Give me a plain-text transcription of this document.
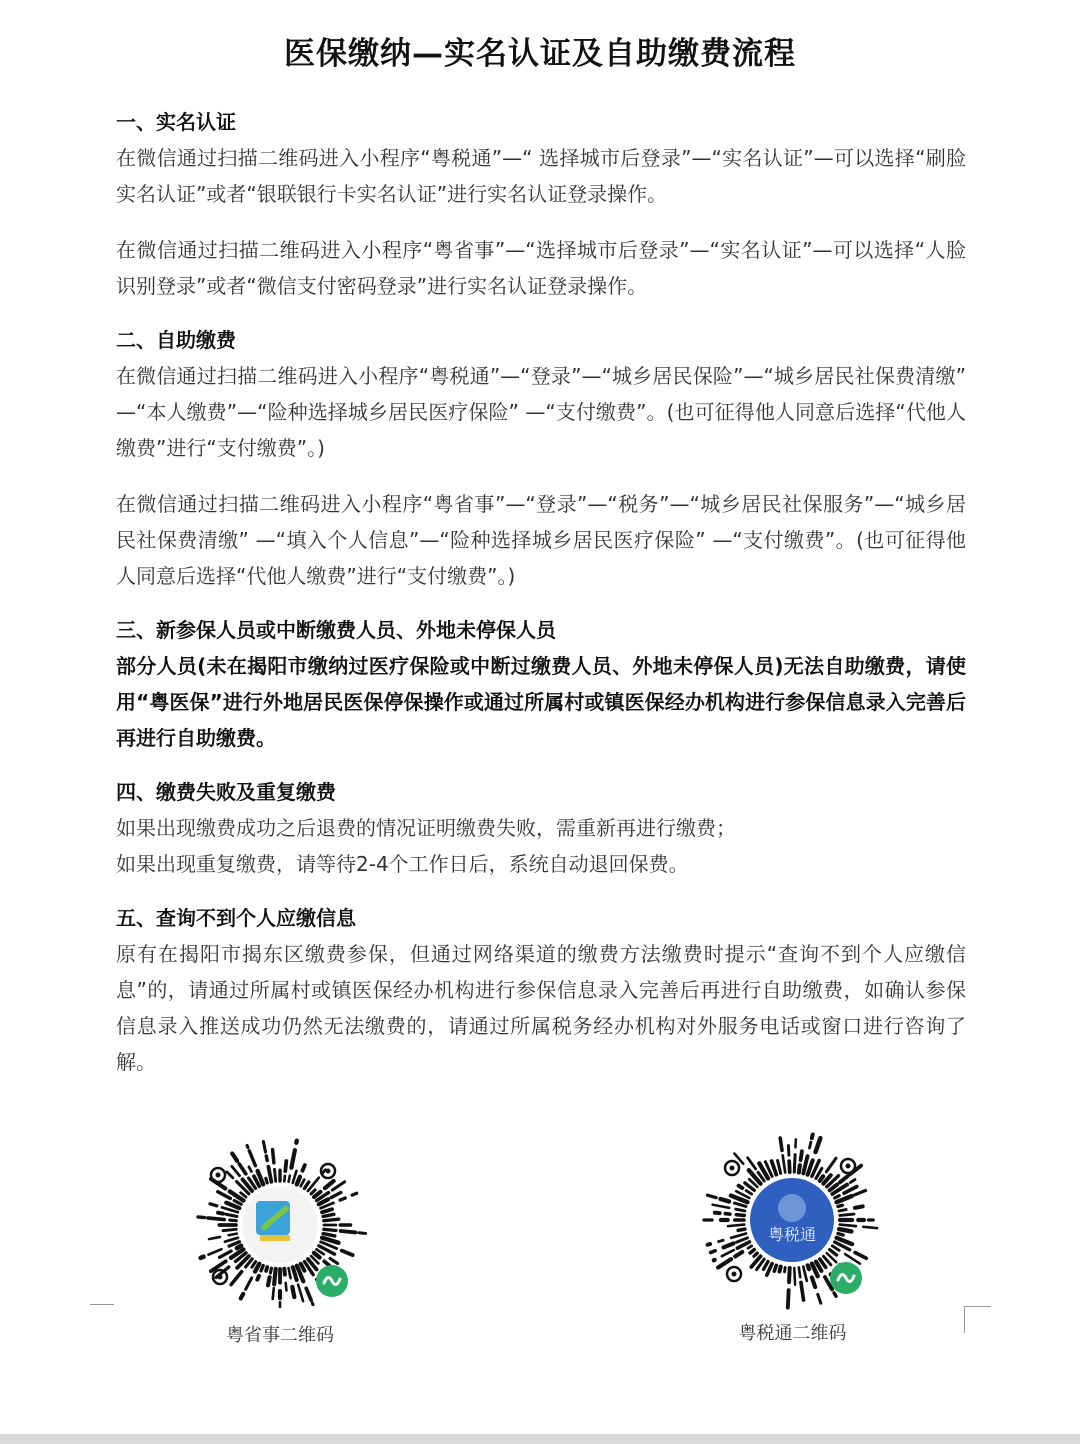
医保缴纳—实名认证及自助缴费流程

一、实名认证

在微信通过扫描二维码进入小程序“粤税通”—“ 选择城市后登录”—“实名认证”—可以选择“刷脸实名认证”或者“银联银行卡实名认证”进行实名认证登录操作。

在微信通过扫描二维码进入小程序“粤省事”—“选择城市后登录”—“实名认证”—可以选择“人脸识别登录”或者“微信支付密码登录”进行实名认证登录操作。

二、自助缴费

在微信通过扫描二维码进入小程序“粤税通”—“登录”—“城乡居民保险”—“城乡居民社保费清缴” —“本人缴费”—“险种选择城乡居民医疗保险” —“支付缴费”。(也可征得他人同意后选择“代他人缴费”进行“支付缴费”。)

在微信通过扫描二维码进入小程序“粤省事”—“登录”—“税务”—“城乡居民社保服务”—“城乡居民社保费清缴” —“填入个人信息”—“险种选择城乡居民医疗保险” —“支付缴费”。(也可征得他人同意后选择“代他人缴费”进行“支付缴费”。)

三、新参保人员或中断缴费人员、外地未停保人员

部分人员(未在揭阳市缴纳过医疗保险或中断过缴费人员、外地未停保人员)无法自助缴费，请使用“粤医保”进行外地居民医保停保操作或通过所属村或镇医保经办机构进行参保信息录入完善后再进行自助缴费。

四、缴费失败及重复缴费

如果出现缴费成功之后退费的情况证明缴费失败，需重新再进行缴费；

如果出现重复缴费，请等待2-4个工作日后，系统自动退回保费。

五、查询不到个人应缴信息

原有在揭阳市揭东区缴费参保，但通过网络渠道的缴费方法缴费时提示“查询不到个人应缴信息”的，请通过所属村或镇医保经办机构进行参保信息录入完善后再进行自助缴费，如确认参保信息录入推送成功仍然无法缴费的，请通过所属税务经办机构对外服务电话或窗口进行咨询了解。

粤省事二维码
粤税通
粤税通二维码
